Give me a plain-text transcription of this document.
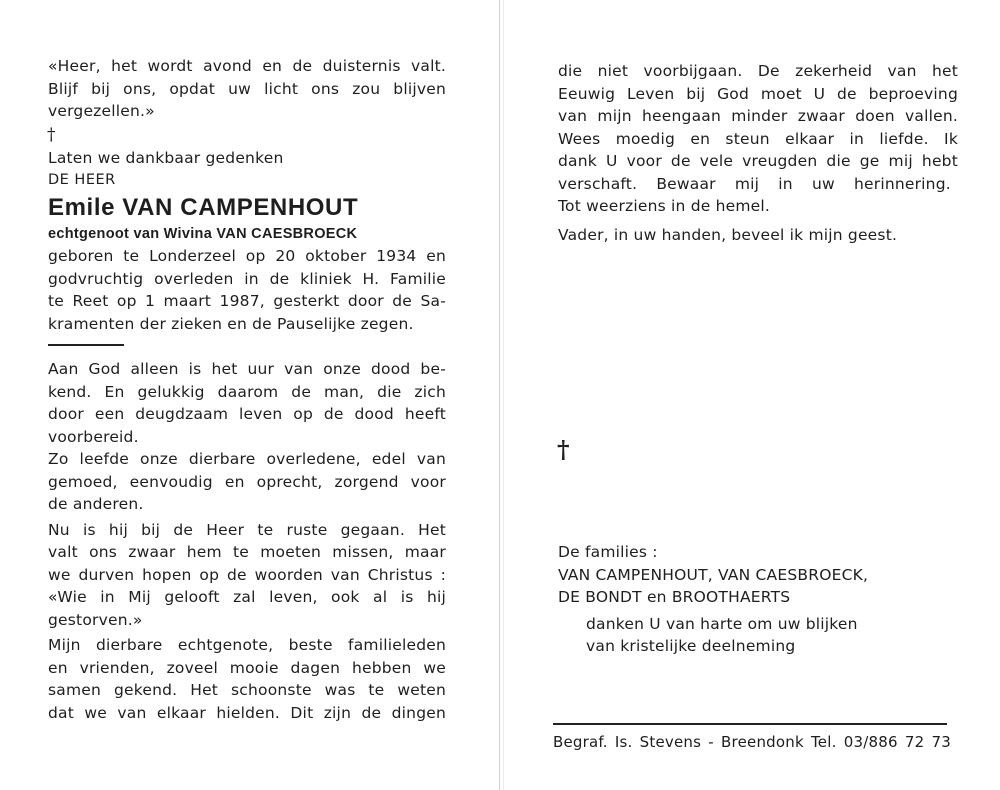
«Heer, het wordt avond en de duisternis valt.

Blijf bij ons, opdat uw licht ons zou blijven

vergezellen.»

†

Laten we dankbaar gedenken

DE HEER

Emile VAN CAMPENHOUT
echtgenoot van Wivina VAN CAESBROECK

geboren te Londerzeel op 20 oktober 1934 en

godvruchtig overleden in de kliniek H. Familie

te Reet op 1 maart 1987, gesterkt door de Sa-

kramenten der zieken en de Pauselijke zegen.

Aan God alleen is het uur van onze dood be-

kend. En gelukkig daarom de man, die zich

door een deugdzaam leven op de dood heeft

voorbereid.

Zo leefde onze dierbare overledene, edel van

gemoed, eenvoudig en oprecht, zorgend voor

de anderen.

Nu is hij bij de Heer te ruste gegaan. Het

valt ons zwaar hem te moeten missen, maar

we durven hopen op de woorden van Christus :

«Wie in Mij gelooft zal leven, ook al is hij

gestorven.»

Mijn dierbare echtgenote, beste familieleden

en vrienden, zoveel mooie dagen hebben we

samen gekend. Het schoonste was te weten

dat we van elkaar hielden. Dit zijn de dingen

die niet voorbijgaan. De zekerheid van het

Eeuwig Leven bij God moet U de beproeving

van mijn heengaan minder zwaar doen vallen.

Wees moedig en steun elkaar in liefde. Ik

dank U voor de vele vreugden die ge mij hebt

verschaft. Bewaar mij in uw herinnering.

Tot weerziens in de hemel.

Vader, in uw handen, beveel ik mijn geest.

†

De families :

VAN CAMPENHOUT, VAN CAESBROECK,

DE BONDT en BROOTHAERTS

danken U van harte om uw blijken

van kristelijke deelneming

Begraf. Is. Stevens - Breendonk Tel. 03/886 72 73
